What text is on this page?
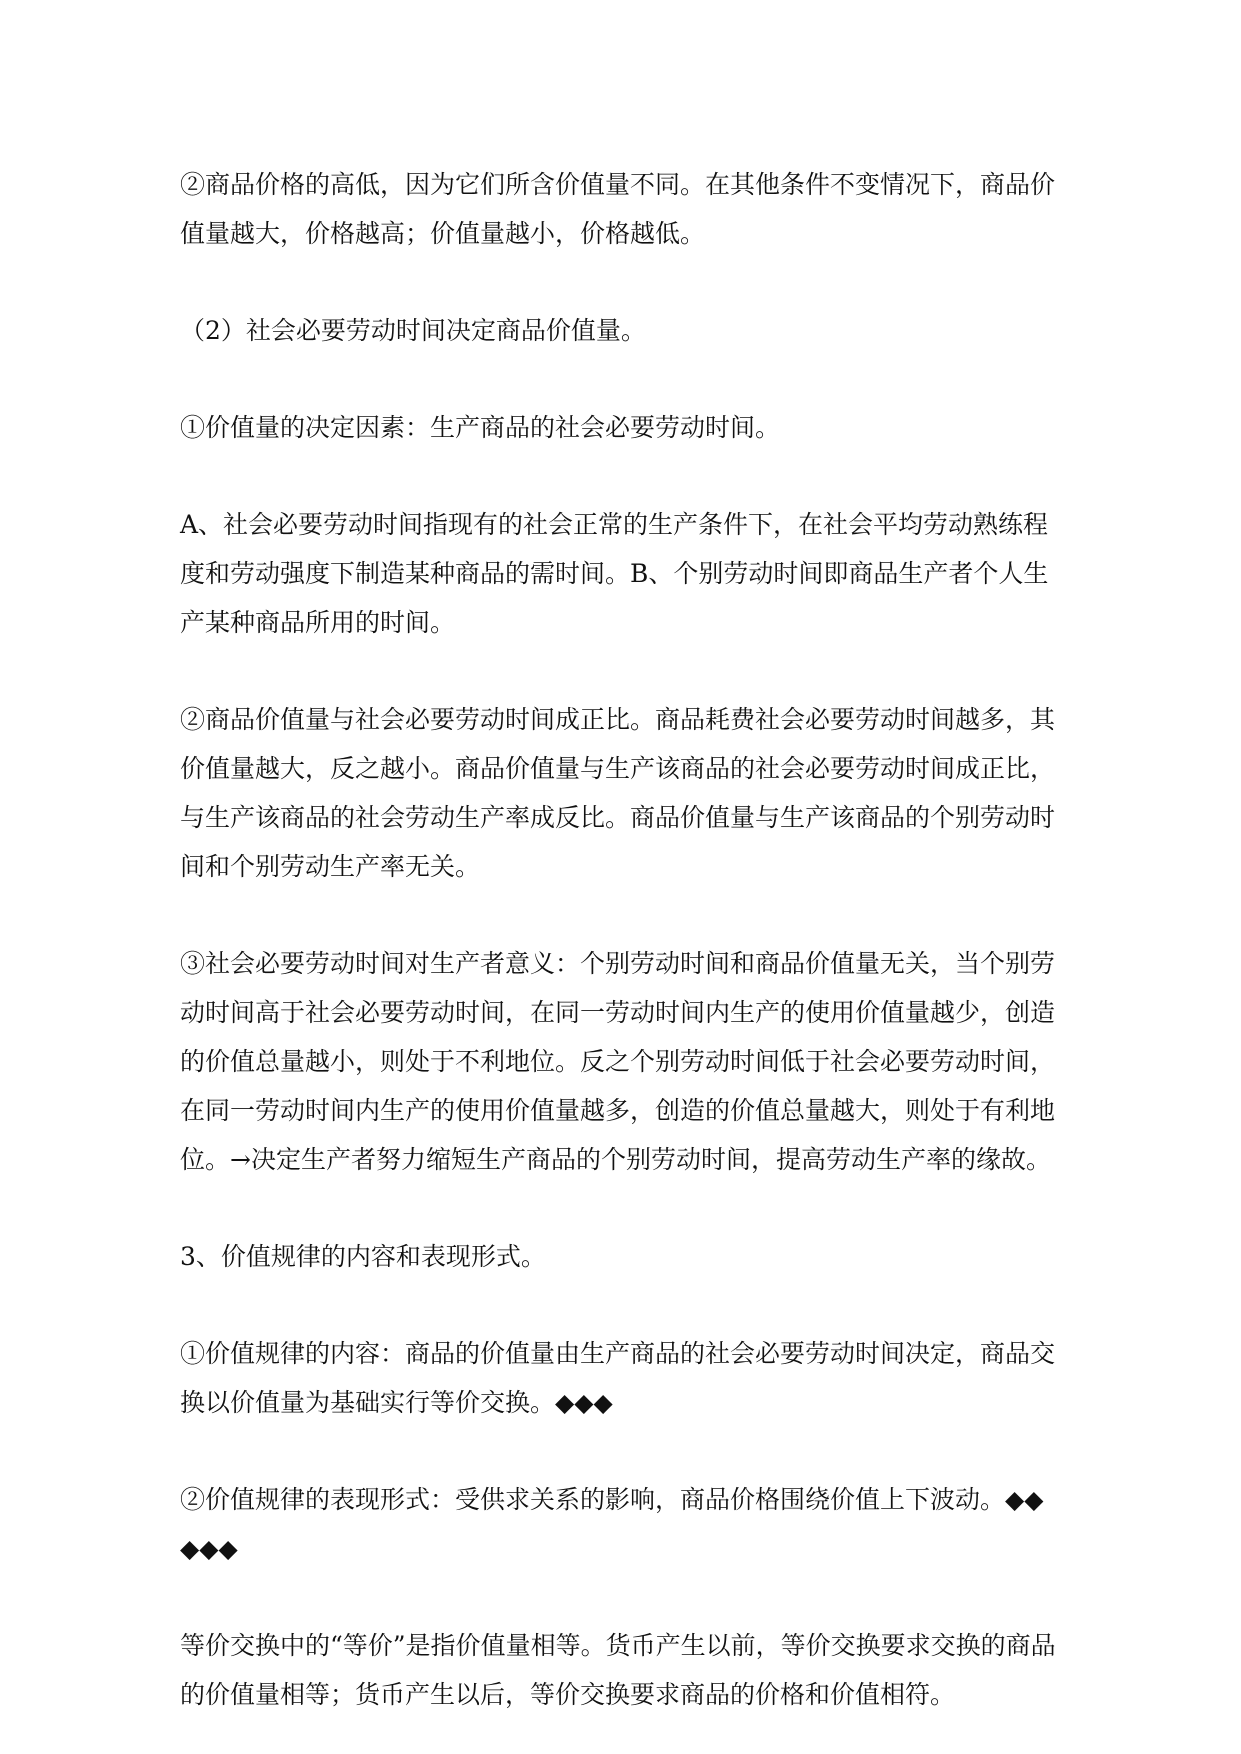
②商品价格的高低，因为它们所含价值量不同。在其他条件不变情况下，商品价值量越大，价格越高；价值量越小，价格越低。

（2）社会必要劳动时间决定商品价值量。

①价值量的决定因素：生产商品的社会必要劳动时间。

A、社会必要劳动时间指现有的社会正常的生产条件下，在社会平均劳动熟练程度和劳动强度下制造某种商品的需时间。B、个别劳动时间即商品生产者个人生产某种商品所用的时间。

②商品价值量与社会必要劳动时间成正比。商品耗费社会必要劳动时间越多，其价值量越大，反之越小。商品价值量与生产该商品的社会必要劳动时间成正比，与生产该商品的社会劳动生产率成反比。商品价值量与生产该商品的个别劳动时间和个别劳动生产率无关。

③社会必要劳动时间对生产者意义：个别劳动时间和商品价值量无关，当个别劳动时间高于社会必要劳动时间，在同一劳动时间内生产的使用价值量越少，创造的价值总量越小，则处于不利地位。反之个别劳动时间低于社会必要劳动时间，在同一劳动时间内生产的使用价值量越多，创造的价值总量越大，则处于有利地位。→决定生产者努力缩短生产商品的个别劳动时间，提高劳动生产率的缘故。

3、价值规律的内容和表现形式。

①价值规律的内容：商品的价值量由生产商品的社会必要劳动时间决定，商品交换以价值量为基础实行等价交换。◆◆◆

②价值规律的表现形式：受供求关系的影响，商品价格围绕价值上下波动。◆◆◆◆◆

等价交换中的“等价”是指价值量相等。货币产生以前，等价交换要求交换的商品的价值量相等；货币产生以后，等价交换要求商品的价格和价值相符。
